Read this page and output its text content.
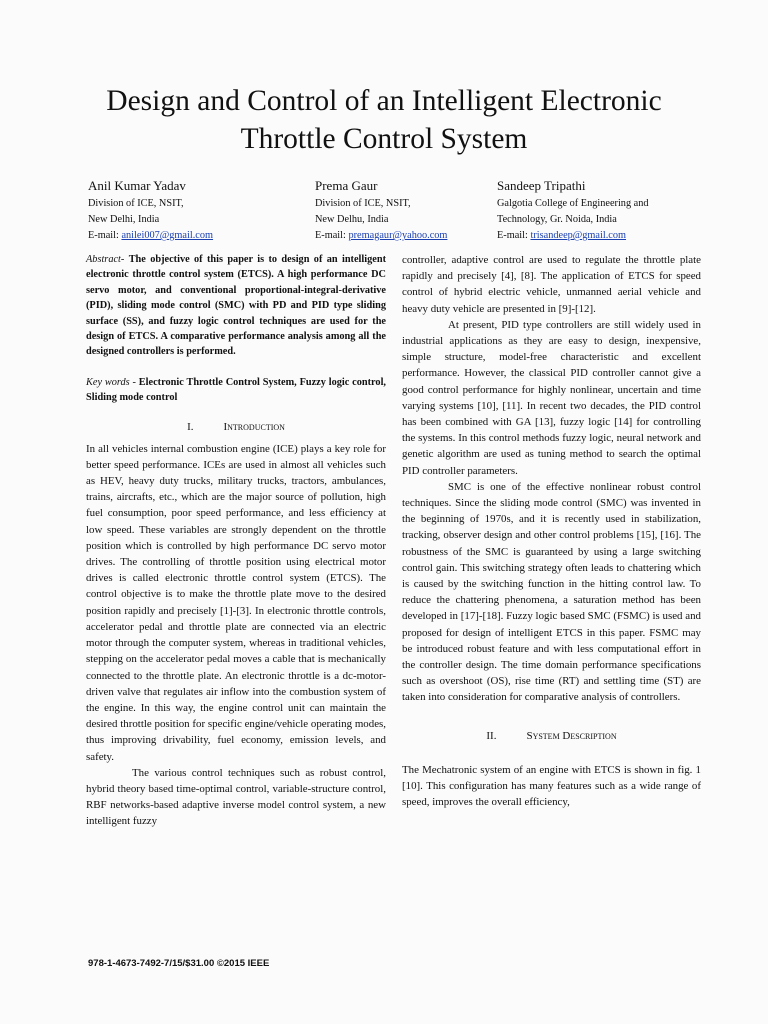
Design and Control of an Intelligent Electronic
Throttle Control System
Anil Kumar Yadav
Division of ICE, NSIT,
New Delhi, India
E-mail: anilei007@gmail.com
Prema Gaur
Division of ICE, NSIT,
New Delhu, India
E-mail: premagaur@yahoo.com
Sandeep Tripathi
Galgotia College of Engineering and
Technology, Gr. Noida, India
E-mail: trisandeep@gmail.com

Abstract- The objective of this paper is to design of an intelligent electronic throttle control system (ETCS). A high performance DC servo motor, and conventional proportional-integral-derivative (PID), sliding mode control (SMC) with PD and PID type sliding surface (SS), and fuzzy logic control techniques are used for the design of ETCS. A comparative performance analysis among all the designed controllers is performed.

Key words - Electronic Throttle Control System, Fuzzy logic control, Sliding mode control

I.	Introduction

In all vehicles internal combustion engine (ICE) plays a key role for better speed performance. ICEs are used in almost all vehicles such as HEV, heavy duty trucks, military trucks, tractors, ambulances, trains, aircrafts, etc., which are the major source of pollution, high fuel consumption, poor speed performance, and less efficiency at low speed. These variables are strongly dependent on the throttle position which is controlled by high performance DC servo motor drives. The controlling of throttle position using electrical motor drives is called electronic throttle control system (ETCS). The control objective is to make the throttle plate move to the desired position rapidly and precisely [1]-[3]. In electronic throttle controls, accelerator pedal and throttle plate are connected via an electric motor through the computer system, whereas in traditional vehicles, stepping on the accelerator pedal moves a cable that is mechanically connected to the throttle plate. An electronic throttle is a dc-motor-driven valve that regulates air inflow into the combustion system of the engine. In this way, the engine control unit can maintain the desired throttle position for specific engine/vehicle operating modes, thus improving drivability, fuel economy, emission levels, and safety.

The various control techniques such as robust control, hybrid theory based time-optimal control, variable-structure control, RBF networks-based adaptive inverse model control system, a new intelligent fuzzy

controller, adaptive control are used to regulate the throttle plate rapidly and precisely [4], [8]. The application of ETCS for speed control of hybrid electric vehicle, unmanned aerial vehicle and heavy duty vehicle are presented in [9]-[12].

At present, PID type controllers are still widely used in industrial applications as they are easy to design, inexpensive, simple structure, model-free characteristic and excellent performance. However, the classical PID controller cannot give a good control performance for highly nonlinear, uncertain and time varying systems [10], [11]. In recent two decades, the PID control has been combined with GA [13], fuzzy logic [14] for controlling the systems. In this control methods fuzzy logic, neural network and genetic algorithm are used as tuning method to search the optimal PID controller parameters.

SMC is one of the effective nonlinear robust control techniques. Since the sliding mode control (SMC) was invented in the beginning of 1970s, and it is recently used in stabilization, tracking, observer design and other control problems [15], [16]. The robustness of the SMC is guaranteed by using a large switching control gain. This switching strategy often leads to chattering which is caused by the switching function in the hitting control law. To reduce the chattering phenomena, a saturation method has been developed in [17]-[18]. Fuzzy logic based SMC (FSMC) is used and proposed for design of intelligent ETCS in this paper. FSMC may be introduced robust feature and with less computational effort in the controller design. The time domain performance specifications such as overshoot (OS), rise time (RT) and settling time (ST) are taken into consideration for comparative analysis of controllers.

II.	System Description

The Mechatronic system of an engine with ETCS is shown in fig. 1 [10]. This configuration has many features such as a wide range of speed, improves the overall efficiency,

978-1-4673-7492-7/15/$31.00 ©2015 IEEE
